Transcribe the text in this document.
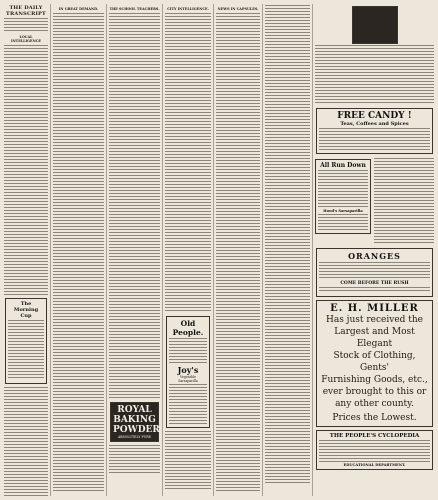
THE DAILY TRANSCRIPT
LOCAL INTELLIGENCE
The Morning Cup
IN GREAT DEMAND.	THE SCHOOL TEACHERS.
ROYAL
BAKING
POWDER
ABSOLUTELY PURE
CITY INTELLIGENCE.
Old People.
Joy's
Vegetable
Sarsaparilla
NEWS IN CAPSULES.
FREE CANDY !
Teas, Coffees and Spices
All Run Down
Hood's Sarsaparilla
ORANGES
COME BEFORE THE RUSH
E. H. MILLER
Has just received the
Largest and Most Elegant
Stock of Clothing, Gents'
Furnishing Goods, etc.,
ever brought to this or
any other county.
Prices the Lowest.
THE PEOPLE'S CYCLOPEDIA
EDUCATIONAL DEPARTMENT.
